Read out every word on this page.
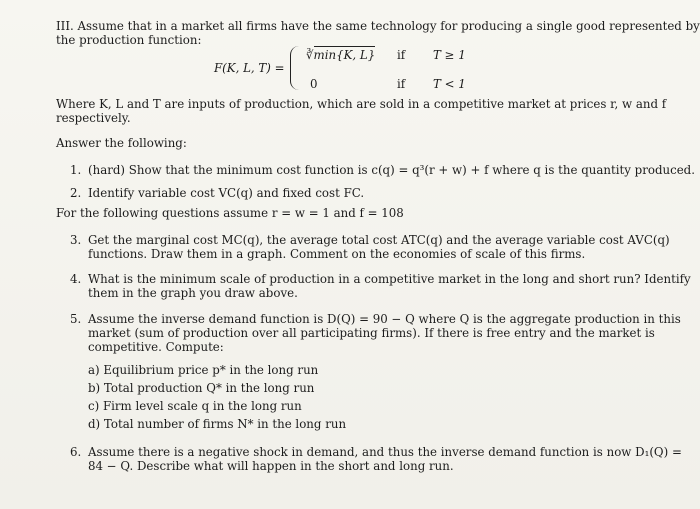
III. Assume that in a market all firms have the same technology for producing a single good represented by
the production function:
F(K, L, T) =
∛min{K, L} if T ≥ 1
0	if T < 1
Where K, L and T are inputs of production, which are sold in a competitive market at prices r, w and f
respectively.
Answer the following:
1. (hard) Show that the minimum cost function is c(q) = q³(r + w) + f where q is the quantity produced.
2. Identify variable cost VC(q) and fixed cost FC.
For the following questions assume r = w = 1 and f = 108
3. Get the marginal cost MC(q), the average total cost ATC(q) and the average variable cost AVC(q)
functions. Draw them in a graph. Comment on the economies of scale of this firms.
4. What is the minimum scale of production in a competitive market in the long and short run? Identify
them in the graph you draw above.
5. Assume the inverse demand function is D(Q) = 90 − Q where Q is the aggregate production in this
market (sum of production over all participating firms). If there is free entry and the market is
competitive. Compute:
a) Equilibrium price p* in the long run
b) Total production Q* in the long run
c) Firm level scale q in the long run
d) Total number of firms N* in the long run
6. Assume there is a negative shock in demand, and thus the inverse demand function is now D₁(Q) =
84 − Q. Describe what will happen in the short and long run.
